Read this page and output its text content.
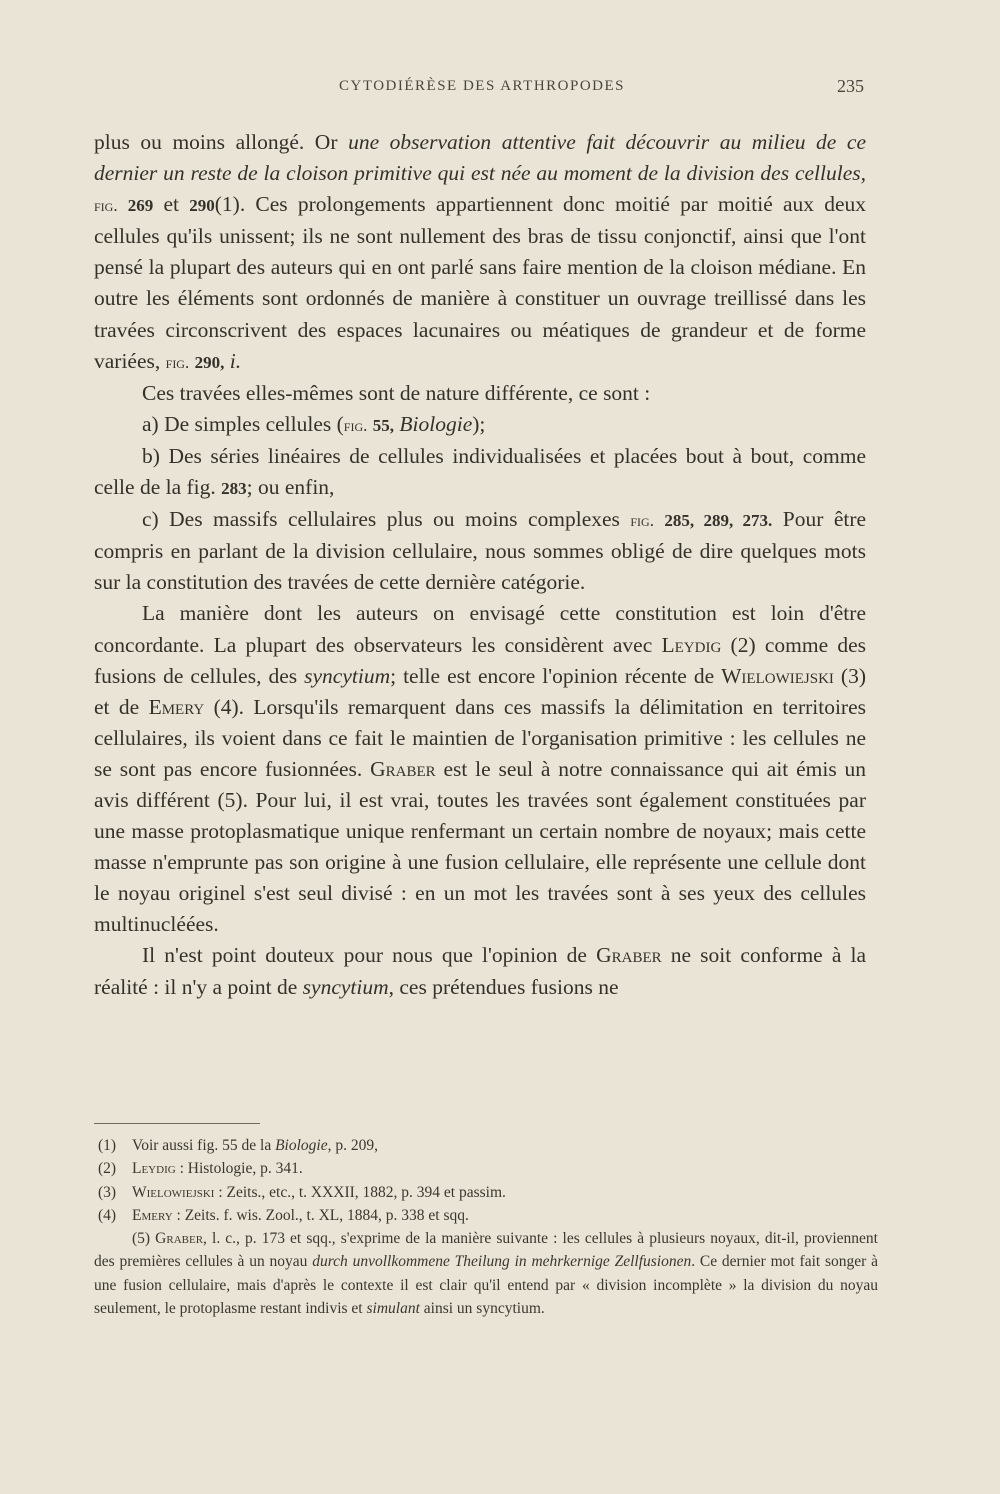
CYTODIÉRÈSE DES ARTHROPODES	235

plus ou moins allongé. Or une observation attentive fait découvrir au milieu de ce dernier un reste de la cloison primitive qui est née au moment de la division des cellules, fig. 269 et 290(1). Ces prolongements appartiennent donc moitié par moitié aux deux cellules qu'ils unissent; ils ne sont nullement des bras de tissu conjonctif, ainsi que l'ont pensé la plupart des auteurs qui en ont parlé sans faire mention de la cloison médiane. En outre les éléments sont ordonnés de manière à constituer un ouvrage treillissé dans les travées circonscrivent des espaces lacunaires ou méatiques de grandeur et de forme variées, fig. 290, i.

Ces travées elles-mêmes sont de nature différente, ce sont :

a) De simples cellules (fig. 55, Biologie);

b) Des séries linéaires de cellules individualisées et placées bout à bout, comme celle de la fig. 283; ou enfin,

c) Des massifs cellulaires plus ou moins complexes fig. 285, 289, 273. Pour être compris en parlant de la division cellulaire, nous sommes obligé de dire quelques mots sur la constitution des travées de cette dernière catégorie.

La manière dont les auteurs on envisagé cette constitution est loin d'être concordante. La plupart des observateurs les considèrent avec Leydig (2) comme des fusions de cellules, des syncytium; telle est encore l'opinion récente de Wielowiejski (3) et de Emery (4). Lorsqu'ils remarquent dans ces massifs la délimitation en territoires cellulaires, ils voient dans ce fait le maintien de l'organisation primitive : les cellules ne se sont pas encore fusionnées. Graber est le seul à notre connaissance qui ait émis un avis différent (5). Pour lui, il est vrai, toutes les travées sont également constituées par une masse protoplasmatique unique renfermant un certain nombre de noyaux; mais cette masse n'emprunte pas son origine à une fusion cellulaire, elle représente une cellule dont le noyau originel s'est seul divisé : en un mot les travées sont à ses yeux des cellules multinucléées.

Il n'est point douteux pour nous que l'opinion de Graber ne soit conforme à la réalité : il n'y a point de syncytium, ces prétendues fusions ne

(1) Voir aussi fig. 55 de la Biologie, p. 209,

(2) Leydig : Histologie, p. 341.

(3) Wielowiejski : Zeits., etc., t. XXXII, 1882, p. 394 et passim.

(4) Emery : Zeits. f. wis. Zool., t. XL, 1884, p. 338 et sqq.

(5) Graber, l. c., p. 173 et sqq., s'exprime de la manière suivante : les cellules à plusieurs noyaux, dit-il, proviennent des premières cellules à un noyau durch unvollkommene Theilung in mehrkernige Zellfusionen. Ce dernier mot fait songer à une fusion cellulaire, mais d'après le contexte il est clair qu'il entend par « division incomplète » la division du noyau seulement, le protoplasme restant indivis et simulant ainsi un syncytium.
